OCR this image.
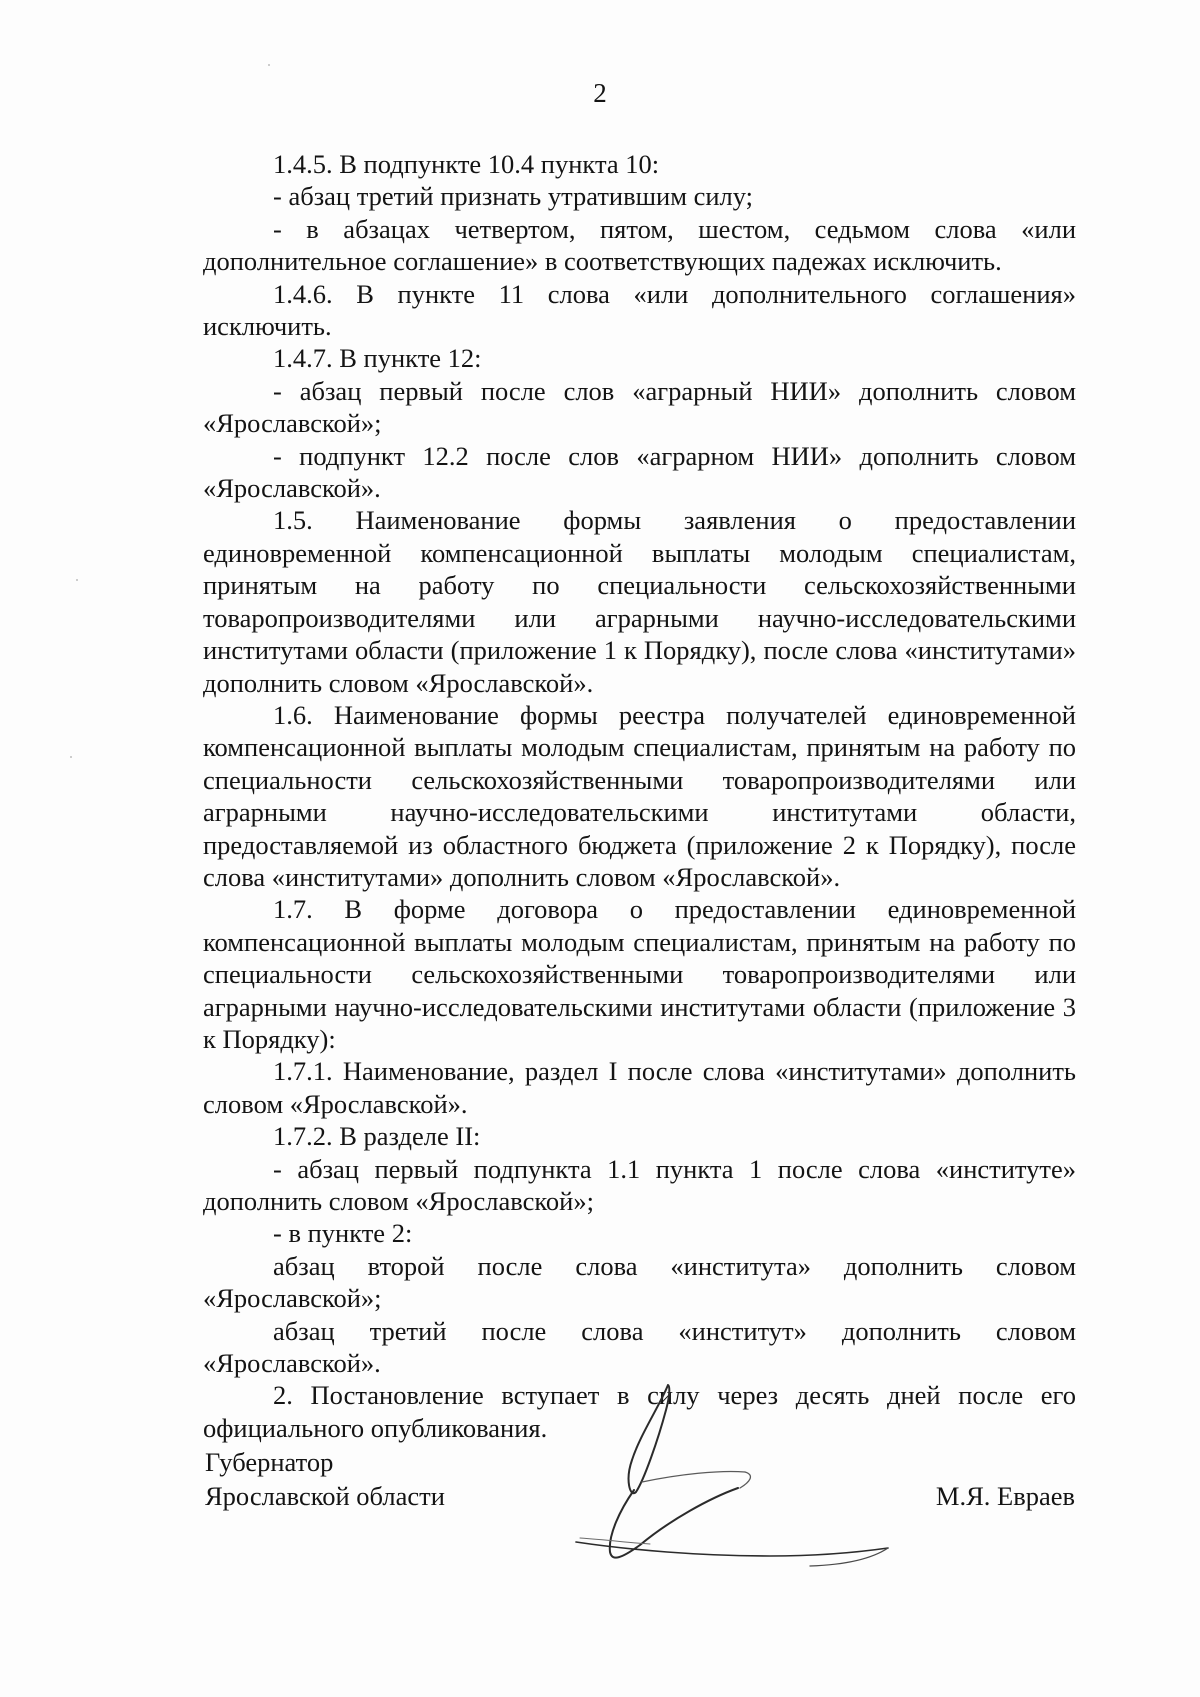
2

1.4.5. В подпункте 10.4 пункта 10:

- абзац третий признать утратившим силу;

- в абзацах четвертом, пятом, шестом, седьмом слова «или дополнительное соглашение» в соответствующих падежах исключить.

1.4.6. В пункте 11 слова «или дополнительного соглашения» исключить.

1.4.7. В пункте 12:

- абзац первый после слов «аграрный НИИ» дополнить словом «Ярославской»;

- подпункт 12.2 после слов «аграрном НИИ» дополнить словом «Ярославской».

1.5. Наименование формы заявления о предоставлении единовременной компенсационной выплаты молодым специалистам, принятым на работу по специальности сельскохозяйственными товаропроизводителями или аграрными научно-исследовательскими институтами области (приложение 1 к Порядку), после слова «институтами» дополнить словом «Ярославской».

1.6. Наименование формы реестра получателей единовременной компенсационной выплаты молодым специалистам, принятым на работу по специальности сельскохозяйственными товаропроизводителями или аграрными научно-исследовательскими институтами области, предоставляемой из областного бюджета (приложение 2 к Порядку), после слова «институтами» дополнить словом «Ярославской».

1.7. В форме договора о предоставлении единовременной компенсационной выплаты молодым специалистам, принятым на работу по специальности сельскохозяйственными товаропроизводителями или аграрными научно-исследовательскими институтами области (приложение 3 к Порядку):

1.7.1. Наименование, раздел I после слова «институтами» дополнить словом «Ярославской».

1.7.2. В разделе II:

- абзац первый подпункта 1.1 пункта 1 после слова «институте» дополнить словом «Ярославской»;

- в пункте 2:

абзац второй после слова «института» дополнить словом «Ярославской»;

абзац третий после слова «институт» дополнить словом «Ярославской».

2. Постановление вступает в силу через десять дней после его официального опубликования.

Губернатор
Ярославской области	М.Я. Евраев
